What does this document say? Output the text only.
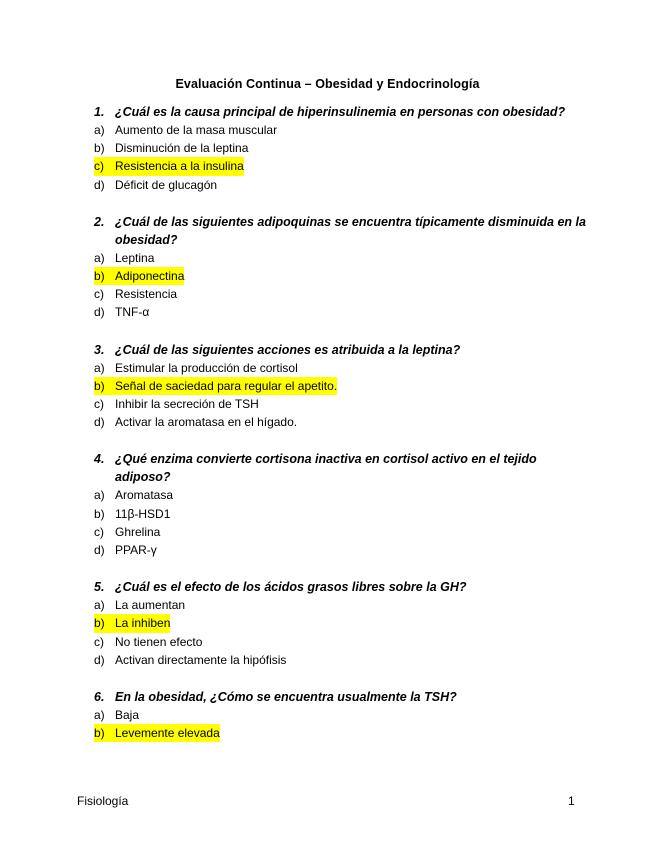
Evaluación Continua – Obesidad y Endocrinología
1. ¿Cuál es la causa principal de hiperinsulinemia en personas con obesidad?
a) Aumento de la masa muscular
b) Disminución de la leptina
c) Resistencia a la insulina
d) Déficit de glucagón
2. ¿Cuál de las siguientes adipoquinas se encuentra típicamente disminuida en la obesidad?
a) Leptina
b) Adiponectina
c) Resistencia
d) TNF-α
3. ¿Cuál de las siguientes acciones es atribuida a la leptina?
a) Estimular la producción de cortisol
b) Señal de saciedad para regular el apetito.
c) Inhibir la secreción de TSH
d) Activar la aromatasa en el hígado.
4. ¿Qué enzima convierte cortisona inactiva en cortisol activo en el tejido adiposo?
a) Aromatasa
b) 11β-HSD1
c) Ghrelina
d) PPAR-γ
5. ¿Cuál es el efecto de los ácidos grasos libres sobre la GH?
a) La aumentan
b) La inhiben
c) No tienen efecto
d) Activan directamente la hipófisis
6. En la obesidad, ¿Cómo se encuentra usualmente la TSH?
a) Baja
b) Levemente elevada
Fisiología	1
